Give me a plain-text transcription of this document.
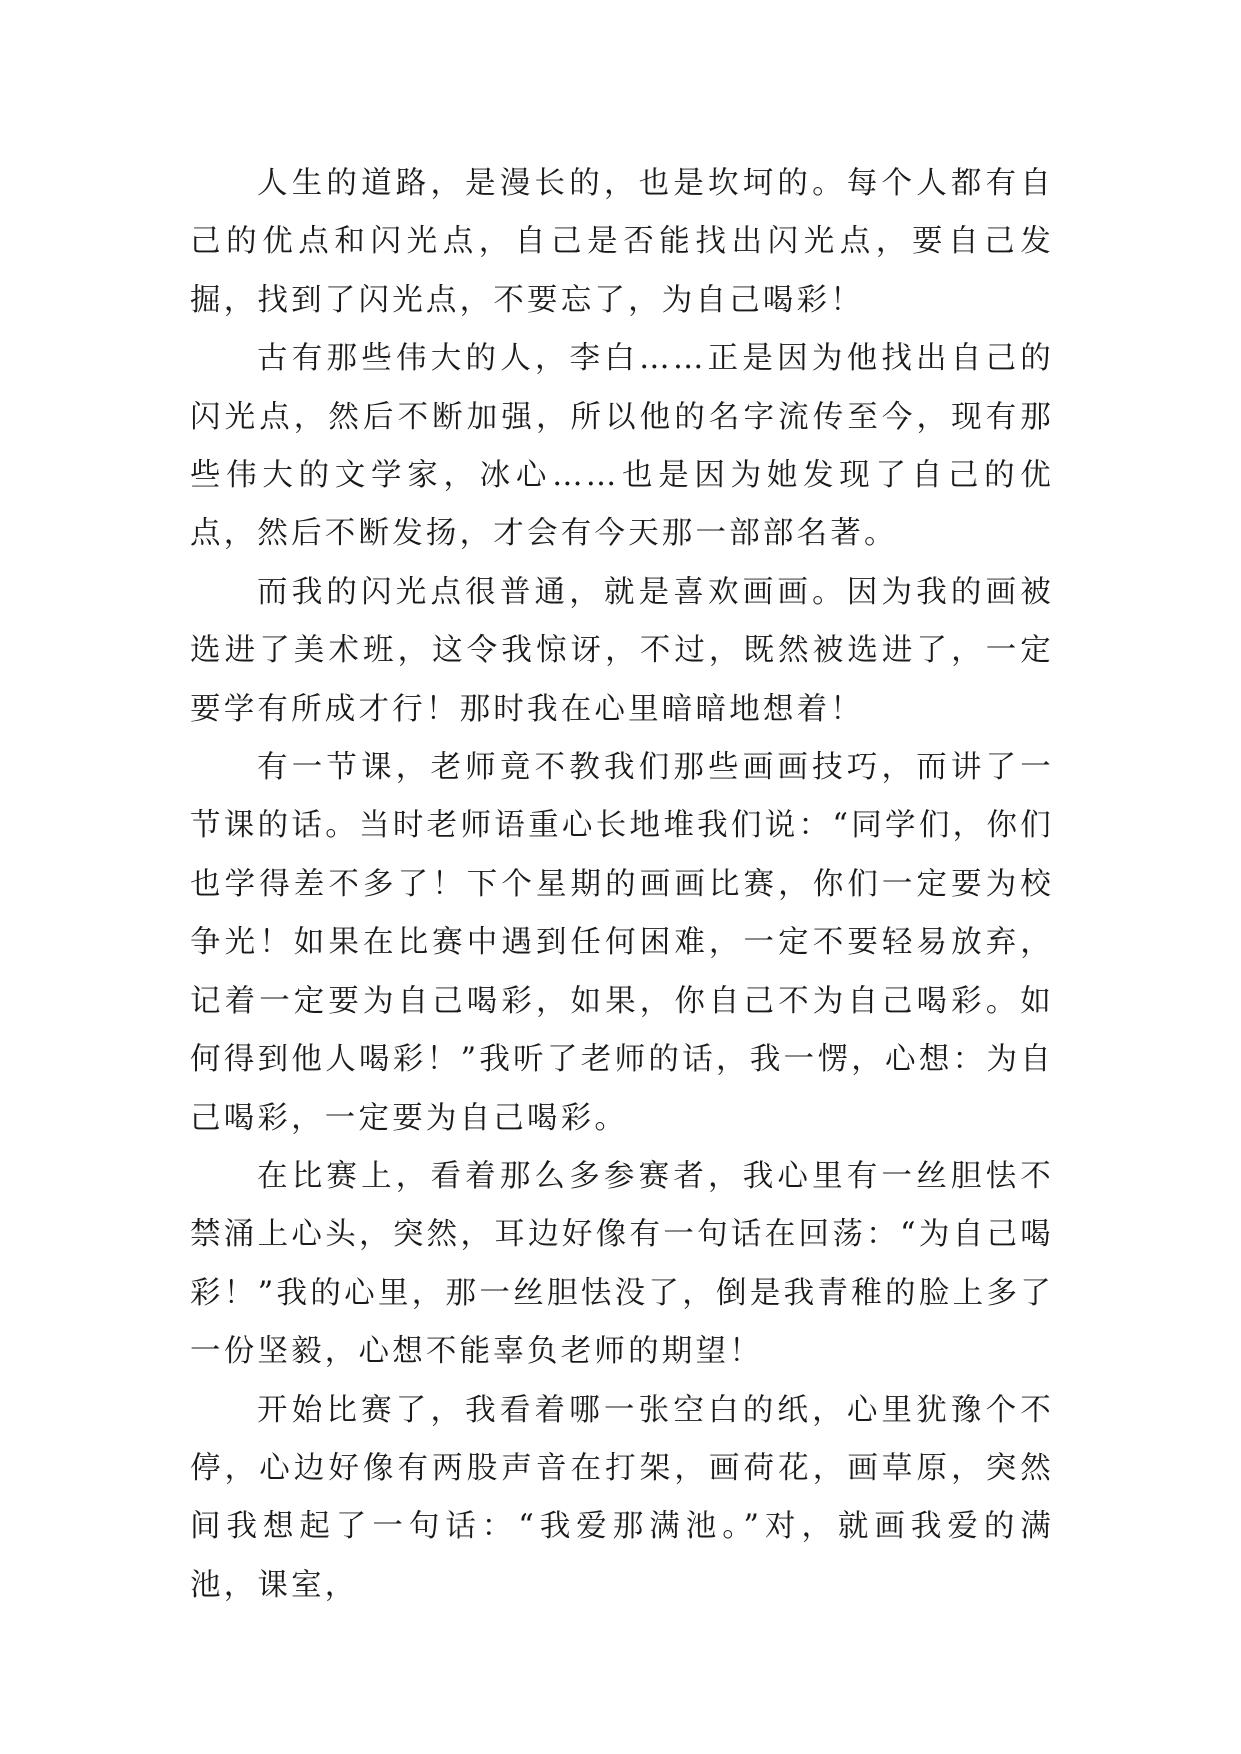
人生的道路，是漫长的，也是坎坷的。每个人都有自己的优点和闪光点，自己是否能找出闪光点，要自己发掘，找到了闪光点，不要忘了，为自己喝彩！

古有那些伟大的人，李白……正是因为他找出自己的闪光点，然后不断加强，所以他的名字流传至今，现有那些伟大的文学家，冰心……也是因为她发现了自己的优点，然后不断发扬，才会有今天那一部部名著。

而我的闪光点很普通，就是喜欢画画。因为我的画被选进了美术班，这令我惊讶，不过，既然被选进了，一定要学有所成才行！那时我在心里暗暗地想着！

有一节课，老师竟不教我们那些画画技巧，而讲了一节课的话。当时老师语重心长地堆我们说：“同学们，你们也学得差不多了！下个星期的画画比赛，你们一定要为校争光！如果在比赛中遇到任何困难，一定不要轻易放弃，记着一定要为自己喝彩，如果，你自己不为自己喝彩。如何得到他人喝彩！”我听了老师的话，我一愣，心想：为自己喝彩，一定要为自己喝彩。

在比赛上，看着那么多参赛者，我心里有一丝胆怯不禁涌上心头，突然，耳边好像有一句话在回荡：“为自己喝彩！”我的心里，那一丝胆怯没了，倒是我青稚的脸上多了一份坚毅，心想不能辜负老师的期望！

开始比赛了，我看着哪一张空白的纸，心里犹豫个不停，心边好像有两股声音在打架，画荷花，画草原，突然间我想起了一句话：“我爱那满池。”对，就画我爱的满池，课室，
